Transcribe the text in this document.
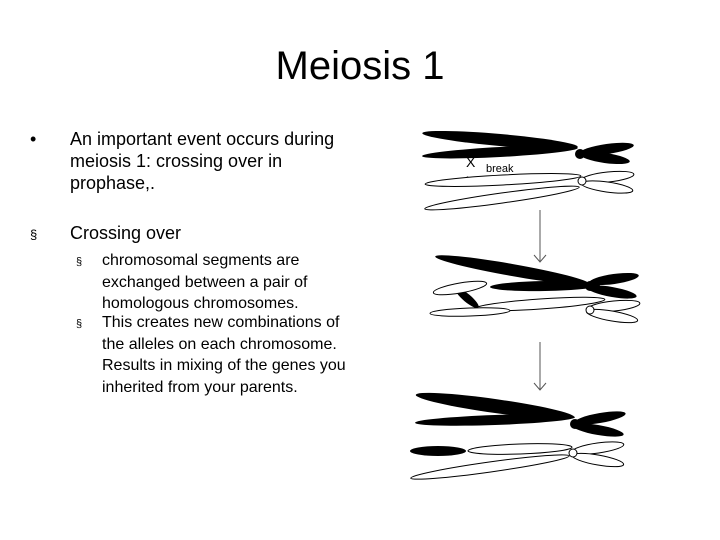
Meiosis 1
• An important event occurs during meiosis 1: crossing over in prophase,.
§ Crossing over
§ chromosomal segments are exchanged between a pair of homologous chromosomes.
§ This creates new combinations of the alleles on each chromosome. Results in mixing of the genes you inherited from your parents.
X break
